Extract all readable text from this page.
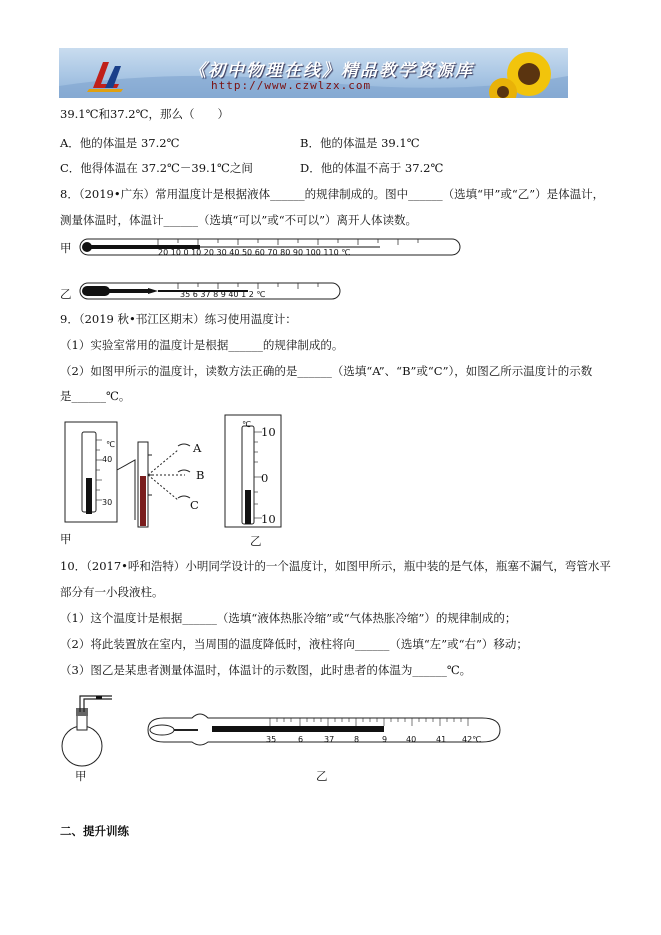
《初中物理在线》精品教学资源库
http://www.czwlzx.com
39.1℃和37.2℃，那么（　　）
A．他的体温是 37.2℃	B．他的体温是 39.1℃
C．他得体温在 37.2℃－39.1℃之间	D．他的体温不高于 37.2℃
8．（2019•广东）常用温度计是根据液体______的规律制成的。图中______（选填“甲”或“乙”）是体温计，
测量体温时，体温计______（选填“可以”或“不可以”）离开人体读数。
甲	20 10 0 10 20 30 40 50 60 70 80 90 100 110 ℃
乙	35 6 37 8 9 40 1 2 ℃
9．（2019 秋•邗江区期末）练习使用温度计：
（1）实验室常用的温度计是根据______的规律制成的。
（2）如图甲所示的温度计，读数方法正确的是______（选填“A”、“B”或“C”），如图乙所示温度计的示数
是______℃。
℃
40
30
A
B
C
甲
℃
10
0
10
乙
10．（2017•呼和浩特）小明同学设计的一个温度计，如图甲所示，瓶中装的是气体，瓶塞不漏气，弯管水平
部分有一小段液柱。
（1）这个温度计是根据______（选填“液体热胀冷缩”或“气体热胀冷缩”）的规律制成的；
（2）将此装置放在室内，当周围的温度降低时，液柱将向______（选填“左”或“右”）移动；
（3）图乙是某患者测量体温时，体温计的示数图，此时患者的体温为______℃。
甲
35	6	37 8	9 40 41 42℃
乙
二、提升训练
